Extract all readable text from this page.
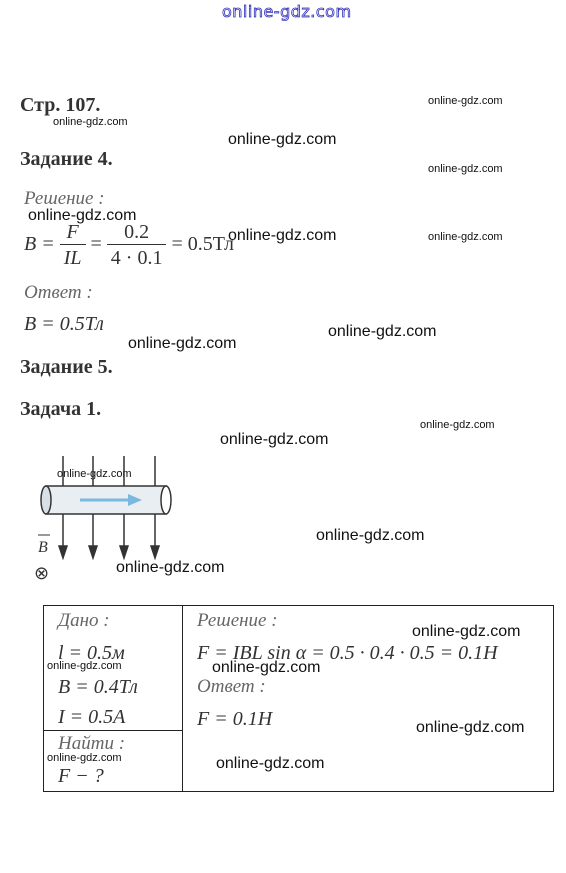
online-gdz.com
online-gdz.com
online-gdz.com
online-gdz.com
online-gdz.com
online-gdz.com
online-gdz.com	online-gdz.com
online-gdz.com
online-gdz.com
online-gdz.com
online-gdz.com
online-gdz.com
online-gdz.com
online-gdz.com
online-gdz.com
online-gdz.com	online-gdz.com
online-gdz.com
online-gdz.com	online-gdz.com
Стр. 107.
Задание 4.
Решение :
$B = \frac{F}{IL} = \frac{0.2}{4 \cdot 0.1} = 0.5Тл$
Ответ :
B = 0.5Тл
Задание 5.
Задача 1.
B
⊗
Дано :
l = 0.5м
B = 0.4Тл
I = 0.5А

Решение :
F = IBL sin α = 0.5 · 0.4 · 0.5 = 0.1H
Ответ :
F = 0.1H

Найти :
F − ?
